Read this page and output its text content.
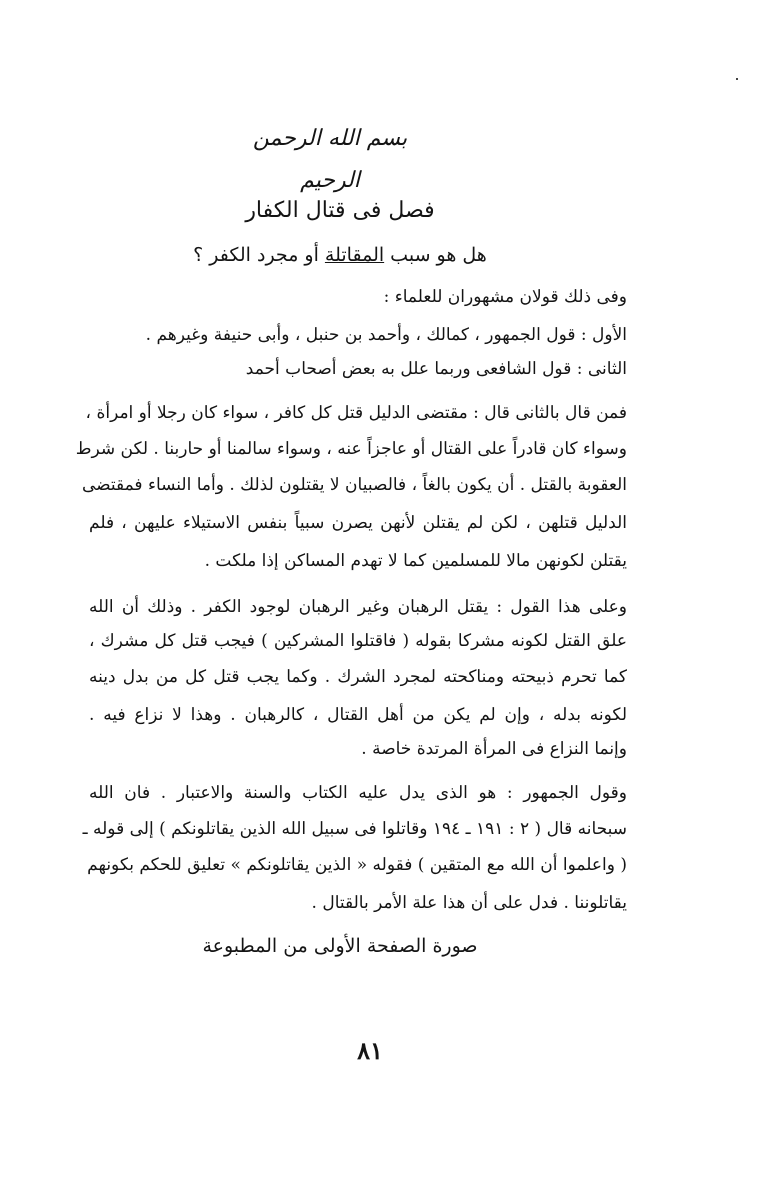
بسم الله الرحمن الرحيم
فصل فى قتال الكفار
هل هو سبب المقاتلة أو مجرد الكفر ؟
وفى ذلك قولان مشهوران للعلماء :
الأول : قول الجمهور ، كمالك ، وأحمد بن حنبل ، وأبى حنيفة وغيرهم .
الثانى : قول الشافعى وربما علل به بعض أصحاب أحمد
فمن قال بالثانى قال : مقتضى الدليل قتل كل كافر ، سواء كان رجلا أو امرأة ،
وسواء كان قادراً على القتال أو عاجزاً عنه ، وسواء سالمنا أو حاربنا . لكن شرط
العقوبة بالقتل . أن يكون بالغاً ، فالصبيان لا يقتلون لذلك . وأما النساء فمقتضى
الدليل قتلهن ، لكن لم يقتلن لأنهن يصرن سبياً بنفس الاستيلاء عليهن ، فلم
يقتلن لكونهن مالا للمسلمين كما لا تهدم المساكن إذا ملكت .
وعلى هذا القول : يقتل الرهبان وغير الرهبان لوجود الكفر . وذلك أن الله
علق القتل لكونه مشركا بقوله ( فاقتلوا المشركين ) فيجب قتل كل مشرك ،
كما تحرم ذبيحته ومناكحته لمجرد الشرك . وكما يجب قتل كل من بدل دينه
لكونه بدله ، وإن لم يكن من أهل القتال ، كالرهبان . وهذا لا نزاع فيه .
وإنما النزاع فى المرأة المرتدة خاصة .
وقول الجمهور : هو الذى يدل عليه الكتاب والسنة والاعتبار . فان الله
سبحانه قال ( ٢ : ١٩١ ـ ١٩٤ وقاتلوا فى سبيل الله الذين يقاتلونكم ) إلى قوله ـ
( واعلموا أن الله مع المتقين ) فقوله « الذين يقاتلونكم » تعليق للحكم بكونهم
يقاتلوننا . فدل على أن هذا علة الأمر بالقتال .
صورة الصفحة الأولى من المطبوعة
٨١
